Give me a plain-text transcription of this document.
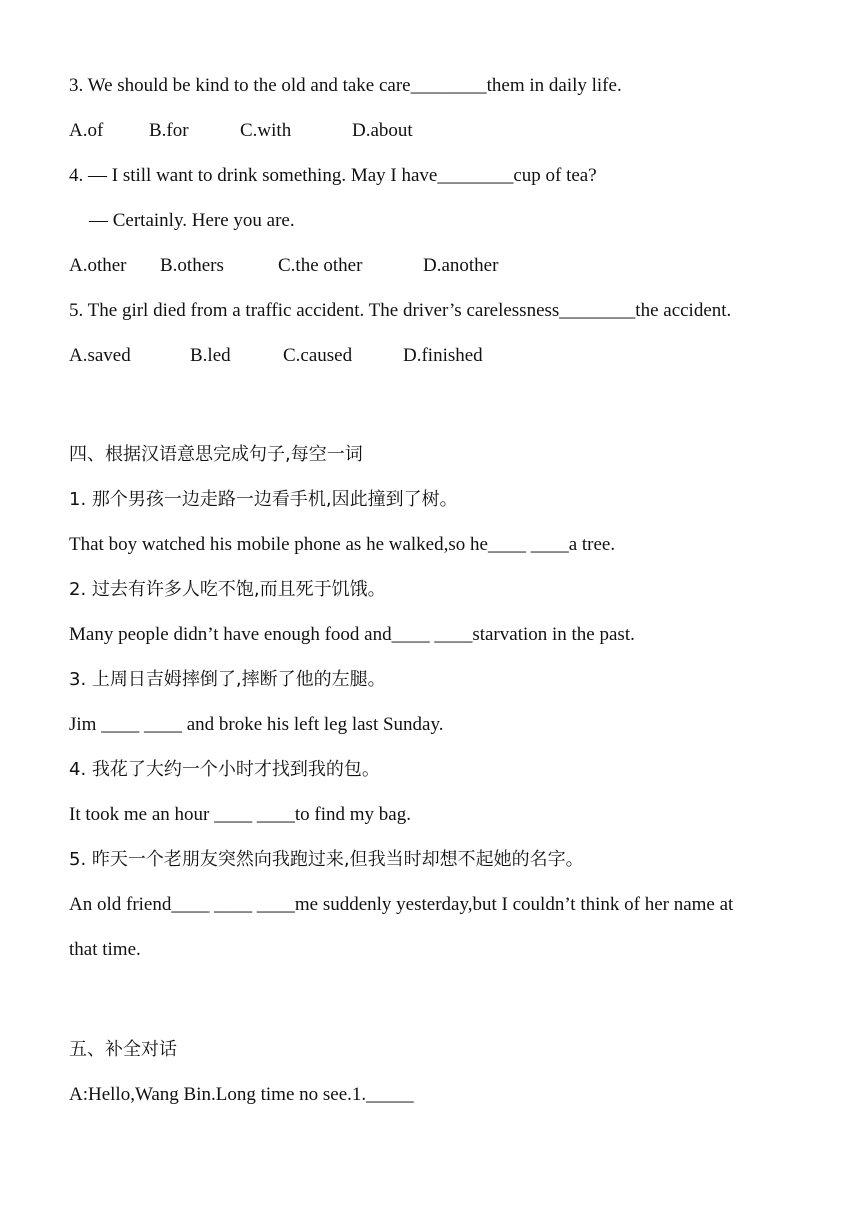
3. We should be kind to the old and take care________them in daily life.
A.of B.for	C.with	D.about
4. — I still want to drink something. May I have________cup of tea?
— Certainly. Here you are.
A.other B.others	C.the other	D.another
5. The girl died from a traffic accident. The driver’s carelessness________the accident.
A.saved	B.led	C.caused	D.finished
四、根据汉语意思完成句子,每空一词
1. 那个男孩一边走路一边看手机,因此撞到了树。
That boy watched his mobile phone as he walked,so he____ ____a tree.
2. 过去有许多人吃不饱,而且死于饥饿。
Many people didn’t have enough food and____ ____starvation in the past.
3. 上周日吉姆摔倒了,摔断了他的左腿。
Jim ____ ____ and broke his left leg last Sunday.
4. 我花了大约一个小时才找到我的包。
It took me an hour ____ ____to find my bag.
5. 昨天一个老朋友突然向我跑过来,但我当时却想不起她的名字。
An old friend____ ____ ____me suddenly yesterday,but I couldn’t think of her name at
that time.
五、补全对话
A:Hello,Wang Bin.Long time no see.1._____
